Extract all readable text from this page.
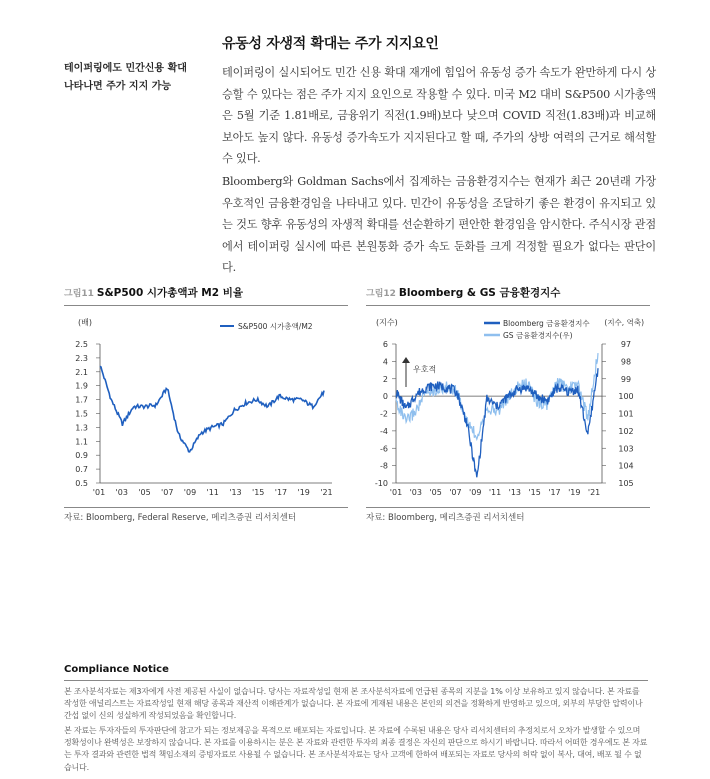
유동성 자생적 확대는 주가 지지요인
테이퍼링에도 민간신용 확대
나타나면 주가 지지 가능
테이퍼링이 실시되어도 민간 신용 확대 재개에 힘입어 유동성 증가 속도가 완만하게 다시 상승할 수 있다는 점은 주가 지지 요인으로 작용할 수 있다. 미국 M2 대비 S&P500 시가총액은 5월 기준 1.81배로, 금융위기 직전(1.9배)보다 낮으며 COVID 직전(1.83배)과 비교해보아도 높지 않다. 유동성 증가속도가 지지된다고 할 때, 주가의 상방 여력의 근거로 해석할 수 있다.
Bloomberg와 Goldman Sachs에서 집계하는 금융환경지수는 현재가 최근 20년래 가장 우호적인 금융환경임을 나타내고 있다. 민간이 유동성을 조달하기 좋은 환경이 유지되고 있는 것도 향후 유동성의 자생적 확대를 선순환하기 편안한 환경임을 암시한다. 주식시장 관점에서 테이퍼링 실시에 따른 본원통화 증가 속도 둔화를 크게 걱정할 필요가 없다는 판단이다.
그림11 S&P500 시가총액과 M2 비율
(배)
2.5
2.3
2.1
1.9
1.7
1.5
1.3
1.1
0.9
0.7
0.5
'01 '03 '05 '07 '09 '11 '13 '15 '17 '19 '21
S&P500 시가총액/M2
자료: Bloomberg, Federal Reserve, 메리츠증권 리서치센터
그림12 Bloomberg & GS 금융환경지수
(지수)	(지수, 역축)
6
4
2
0
-2
-4
-6
-8
-10
97
98
99
100
101
102
103
104
105
'01 '03 '05 '07 '09 '11 '13 '15 '17 '19 '21
우호적
Bloomberg 금융환경지수
GS 금융환경지수(우)
자료: Bloomberg, 메리츠증권 리서치센터
Compliance Notice
본 조사분석자료는 제3자에게 사전 제공된 사실이 없습니다. 당사는 자료작성일 현재 본 조사분석자료에 언급된 종목의 지분을 1% 이상 보유하고 있지 않습니다. 본 자료를 작성한 애널리스트는 자료작성일 현재 해당 종목과 재산적 이해관계가 없습니다. 본 자료에 게재된 내용은 본인의 의견을 정확하게 반영하고 있으며, 외부의 부당한 압력이나 간섭 없이 신의 성실하게 작성되었음을 확인합니다.
본 자료는 투자자들의 투자판단에 참고가 되는 정보제공을 목적으로 배포되는 자료입니다. 본 자료에 수록된 내용은 당사 리서치센터의 추정치로서 오차가 발생할 수 있으며 정확성이나 완벽성은 보장하지 않습니다. 본 자료를 이용하시는 분은 본 자료와 관련한 투자의 최종 결정은 자신의 판단으로 하시기 바랍니다. 따라서 어떠한 경우에도 본 자료는 투자 결과와 관련한 법적 책임소재의 증빙자료로 사용될 수 없습니다. 본 조사분석자료는 당사 고객에 한하여 배포되는 자료로 당사의 허락 없이 복사, 대여, 배포 될 수 없습니다.
